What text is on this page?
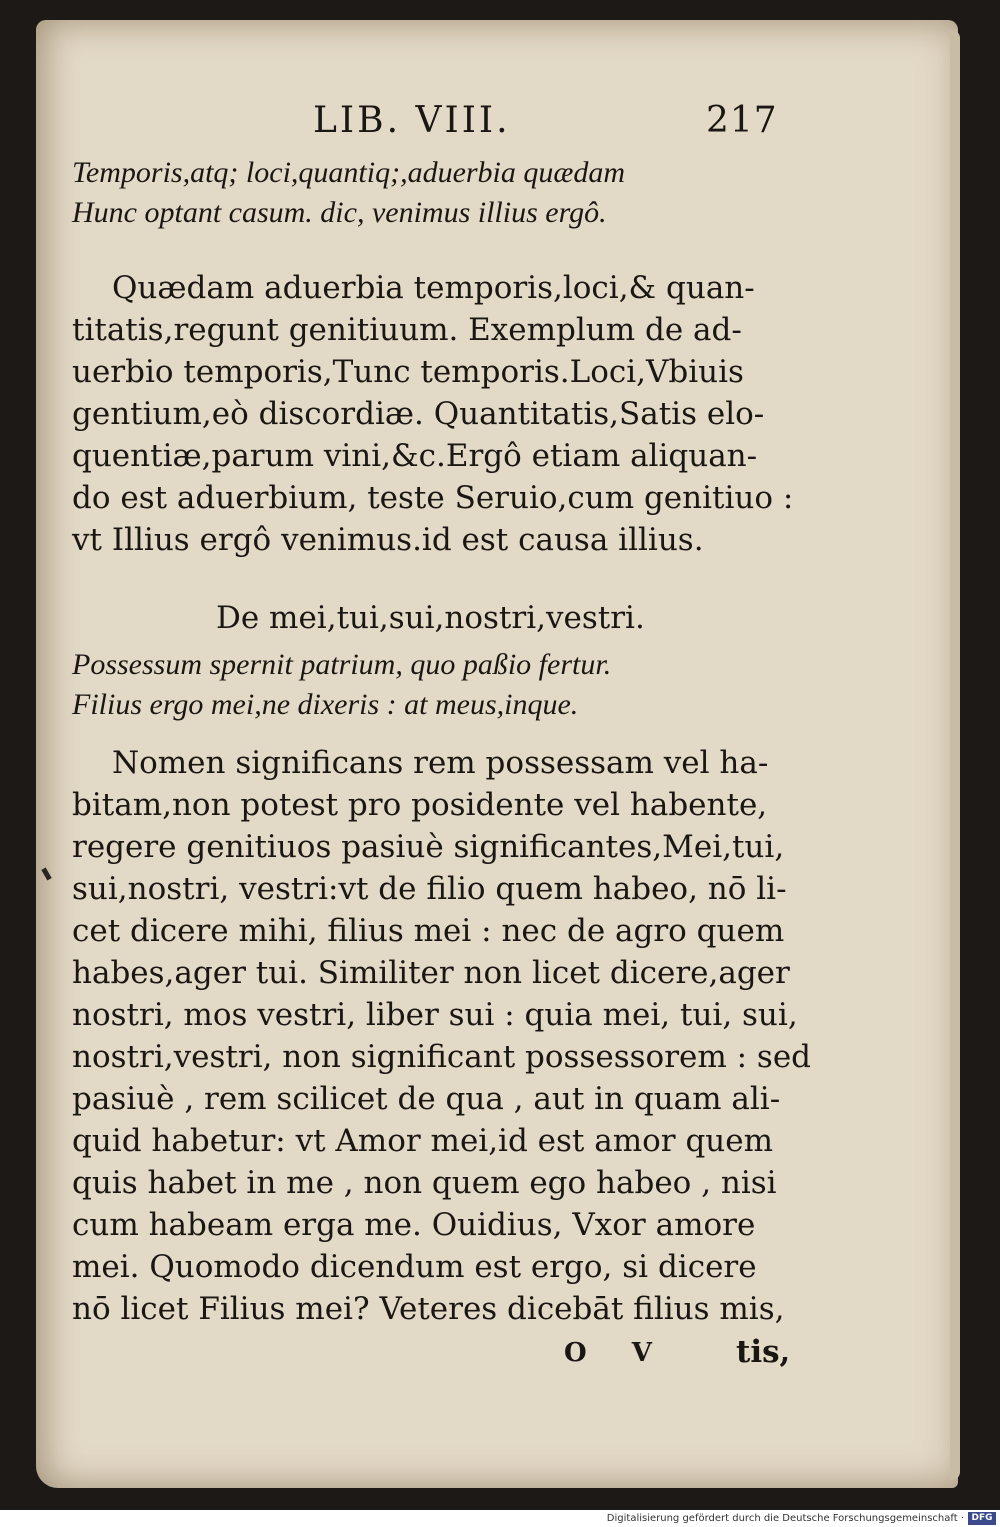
LIB. VIII.	217
Temporis,atq; loci,quantiq;,aduerbia quædam
Hunc optant casum. dic, venimus illius ergô.
Quædam aduerbia temporis,loci,& quan-
titatis,regunt genitiuum. Exemplum de ad-
uerbio temporis,Tunc temporis.Loci,Vbiuis
gentium,eò discordiæ. Quantitatis,Satis elo-
quentiæ,parum vini,&c.Ergô etiam aliquan-
do est aduerbium, teste Seruio,cum genitiuo :
vt Illius ergô venimus.id est causa illius.
De mei,tui,sui,nostri,vestri.
Possessum spernit patrium, quo paßio fertur.
Filius ergo mei,ne dixeris : at meus,inque.
Nomen significans rem possessam vel ha-
bitam,non potest pro posidente vel habente,
regere genitiuos pasiuè significantes,Mei,tui,
sui,nostri, vestri:vt de filio quem habeo, nō li-
cet dicere mihi, filius mei : nec de agro quem
habes,ager tui. Similiter non licet dicere,ager
nostri, mos vestri, liber sui : quia mei, tui, sui,
nostri,vestri, non significant possessorem : sed
pasiuè , rem scilicet de qua , aut in quam ali-
quid habetur: vt Amor mei,id est amor quem
quis habet in me , non quem ego habeo , nisi
cum habeam erga me. Ouidius, Vxor amore
mei. Quomodo dicendum est ergo, si dicere
nō licet Filius mei? Veteres dicebāt filius mis,
O V tis,
Digitalisierung gefördert durch die Deutsche Forschungsgemeinschaft · DFG
